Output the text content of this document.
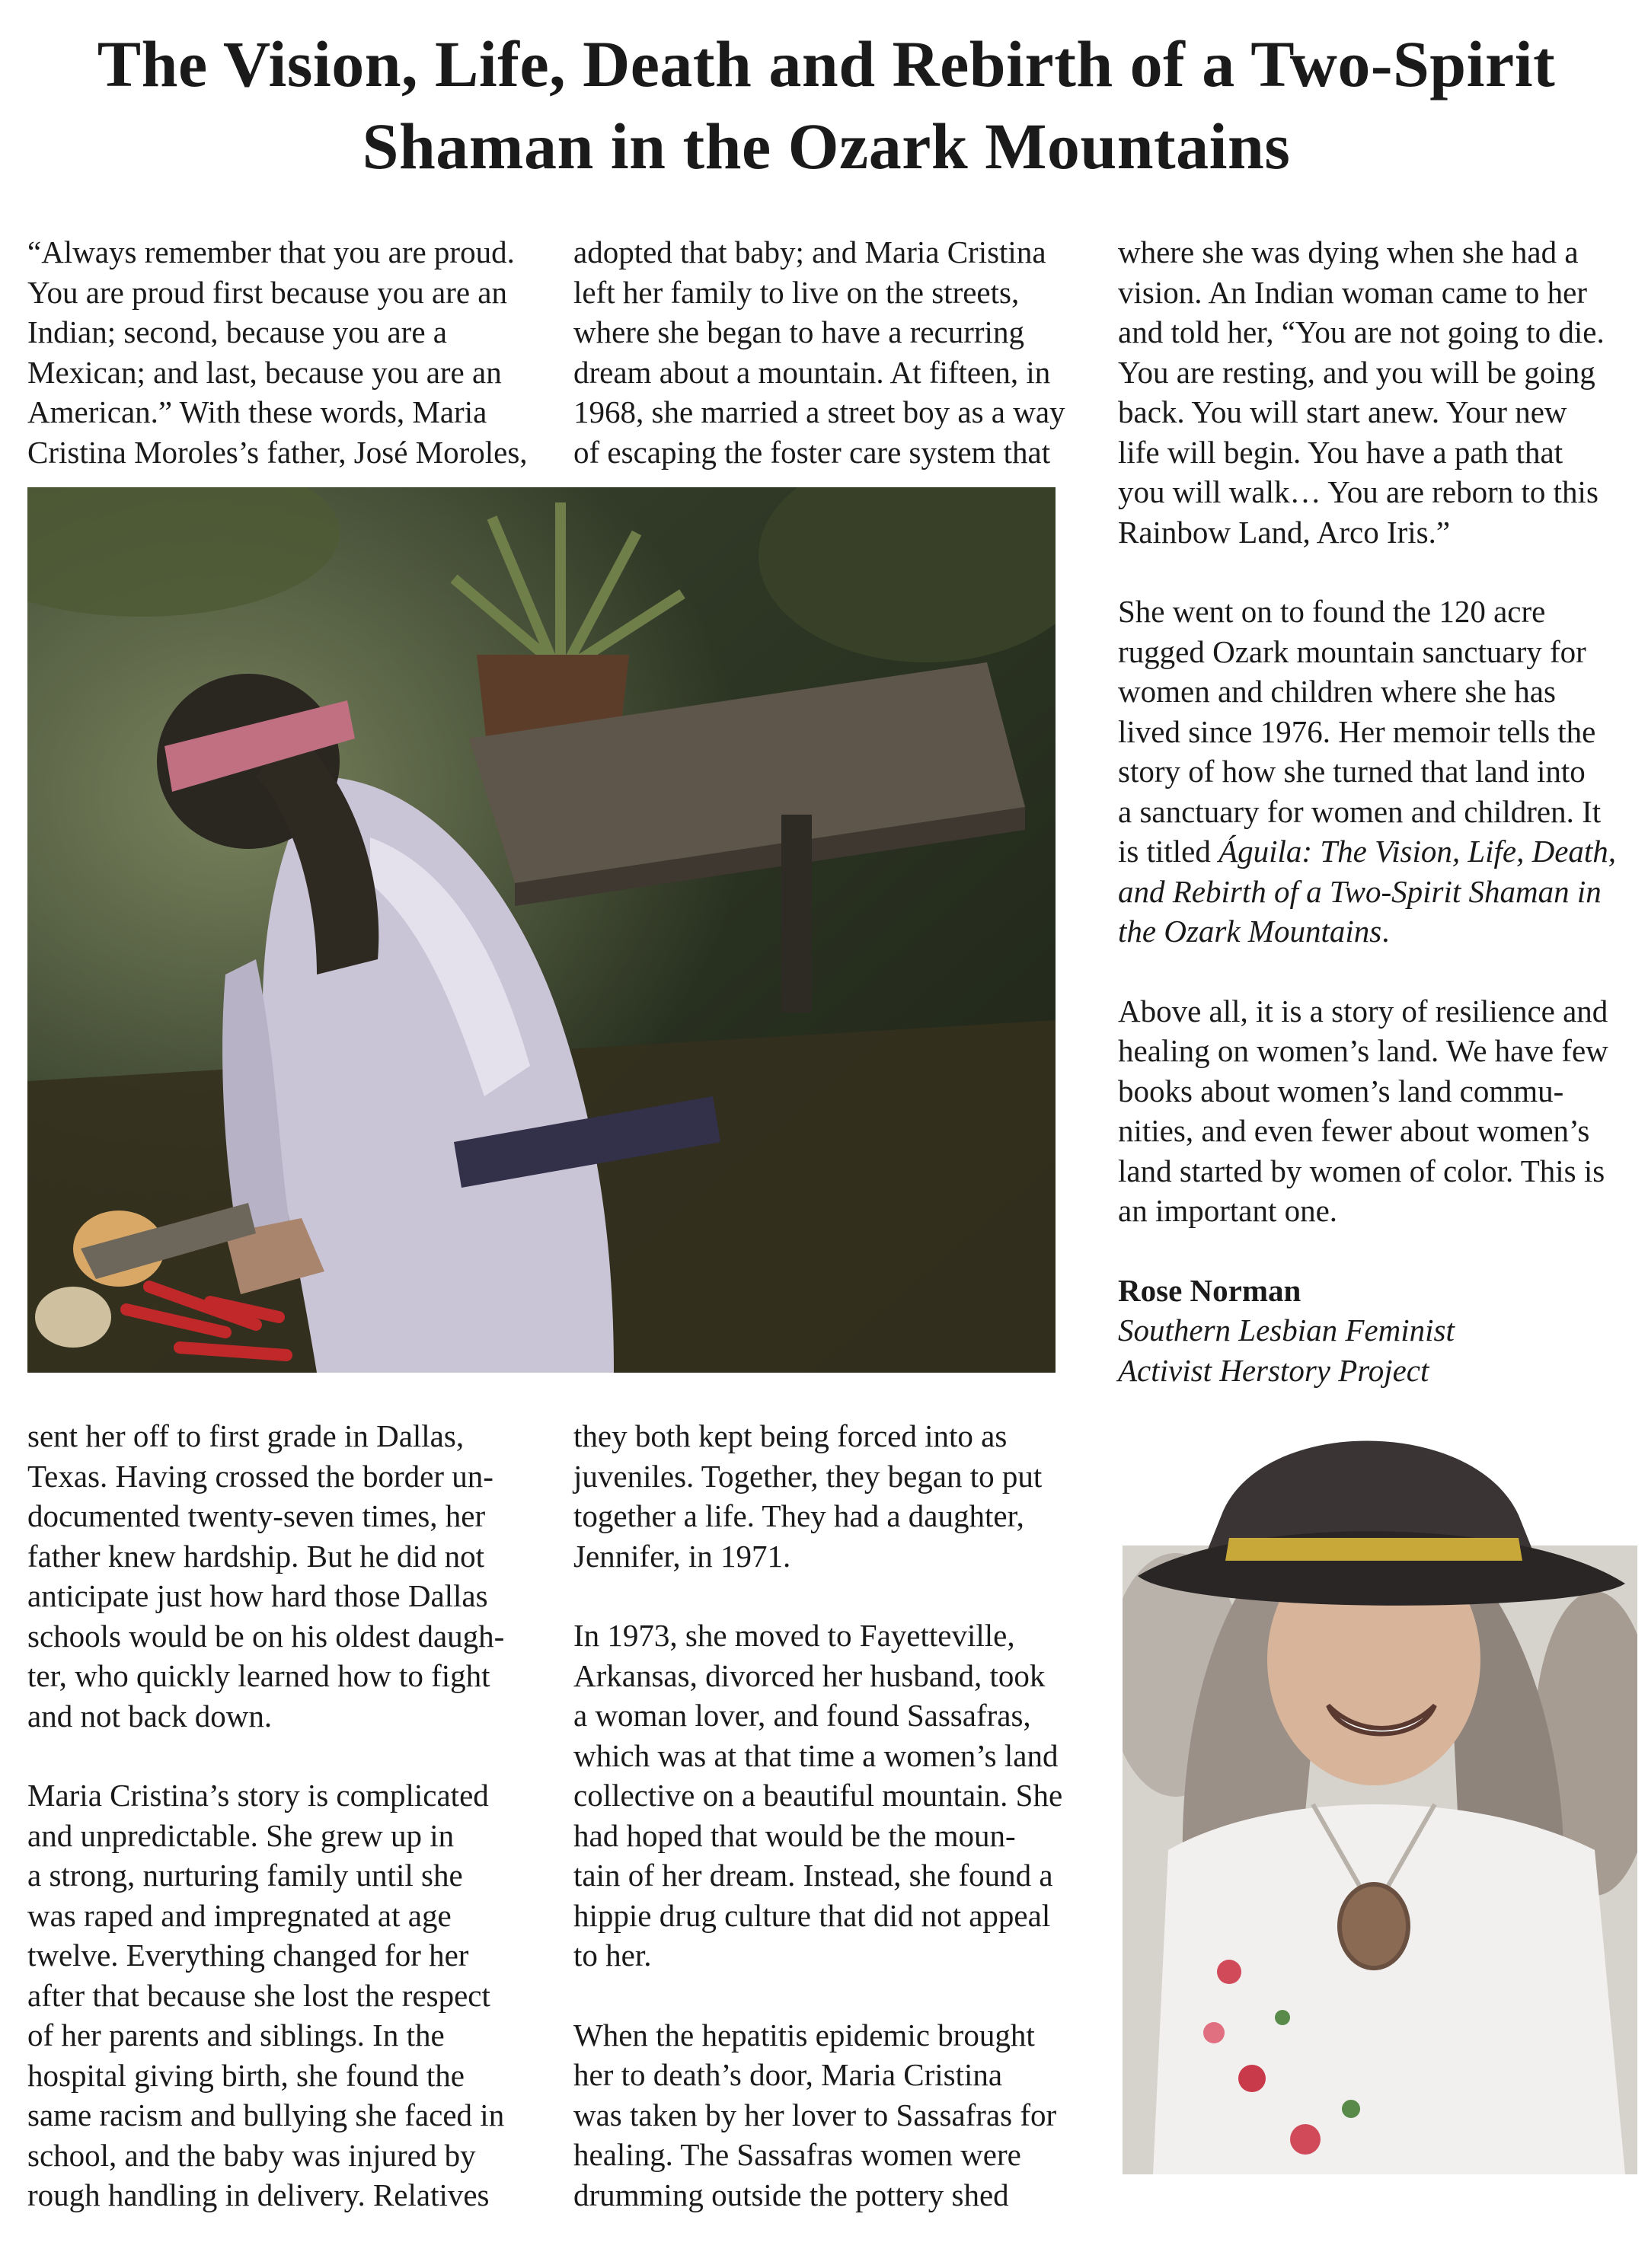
The Vision, Life, Death and Rebirth of a Two-Spirit
Shaman in the Ozark Mountains

“Always remember that you are proud.
You are proud first because you are an
Indian; second, because you are a
Mexican; and last, because you are an
American.” With these words, Maria
Cristina Moroles’s father, José Moroles,

adopted that baby; and Maria Cristina
left her family to live on the streets,
where she began to have a recurring
dream about a mountain. At fifteen, in
1968, she married a street boy as a way
of escaping the foster care system that

where she was dying when she had a
vision. An Indian woman came to her
and told her, “You are not going to die.
You are resting, and you will be going
back. You will start anew. Your new
life will begin. You have a path that
you will walk… You are reborn to this
Rainbow Land, Arco Iris.”

She went on to found the 120 acre
rugged Ozark mountain sanctuary for
women and children where she has
lived since 1976. Her memoir tells the
story of how she turned that land into
a sanctuary for women and children. It
is titled Águila: The Vision, Life, Death,
and Rebirth of a Two-Spirit Shaman in
the Ozark Mountains.

Above all, it is a story of resilience and
healing on women’s land. We have few
books about women’s land commu-
nities, and even fewer about women’s
land started by women of color. This is
an important one.

Rose Norman
Southern Lesbian Feminist
Activist Herstory Project

sent her off to first grade in Dallas,
Texas. Having crossed the border un-
documented twenty-seven times, her
father knew hardship. But he did not
anticipate just how hard those Dallas
schools would be on his oldest daugh-
ter, who quickly learned how to fight
and not back down.

Maria Cristina’s story is complicated
and unpredictable. She grew up in
a strong, nurturing family until she
was raped and impregnated at age
twelve. Everything changed for her
after that because she lost the respect
of her parents and siblings. In the
hospital giving birth, she found the
same racism and bullying she faced in
school, and the baby was injured by
rough handling in delivery. Relatives

they both kept being forced into as
juveniles. Together, they began to put
together a life. They had a daughter,
Jennifer, in 1971.

In 1973, she moved to Fayetteville,
Arkansas, divorced her husband, took
a woman lover, and found Sassafras,
which was at that time a women’s land
collective on a beautiful mountain. She
had hoped that would be the moun-
tain of her dream. Instead, she found a
hippie drug culture that did not appeal
to her.

When the hepatitis epidemic brought
her to death’s door, Maria Cristina
was taken by her lover to Sassafras for
healing. The Sassafras women were
drumming outside the pottery shed
